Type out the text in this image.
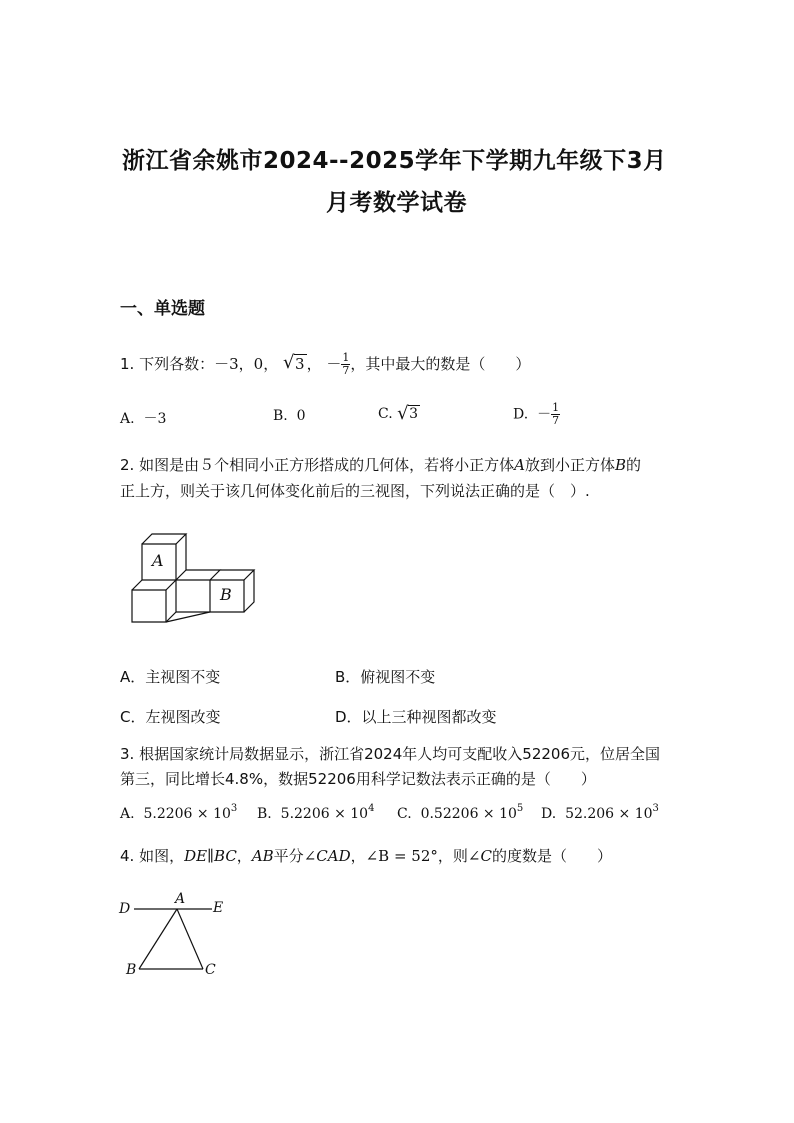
浙江省余姚市2024--2025学年下学期九年级下3月
月考数学试卷
一、单选题
1. 下列各数：－3，0， √ 3 ， － $\frac{1}{7}$ ，其中最大的数是（　　）
A. －3	B. 0	C. √ 3	D. － $\frac{1}{7}$
2. 如图是由５个相同小正方形搭成的几何体，若将小正方体A放到小正方体B的
正上方，则关于该几何体变化前后的三视图，下列说法正确的是（　）.
A
B
A．主视图不变	B．俯视图不变
C．左视图改变	D．以上三种视图都改变
3. 根据国家统计局数据显示，浙江省2024年人均可支配收入52206元，位居全国
第三，同比增长4.8%，数据52206用科学记数法表示正确的是（　　）
A. $5.2206 \times 10^3$ B. $5.2206 \times 10^4$ C. $0.52206 \times 10^5$ D. $52.206 \times 10^3$
4. 如图，DE∥BC，AB平分∠CAD，∠B = 52°，则∠C的度数是（　　）
D
A
E
B	C
